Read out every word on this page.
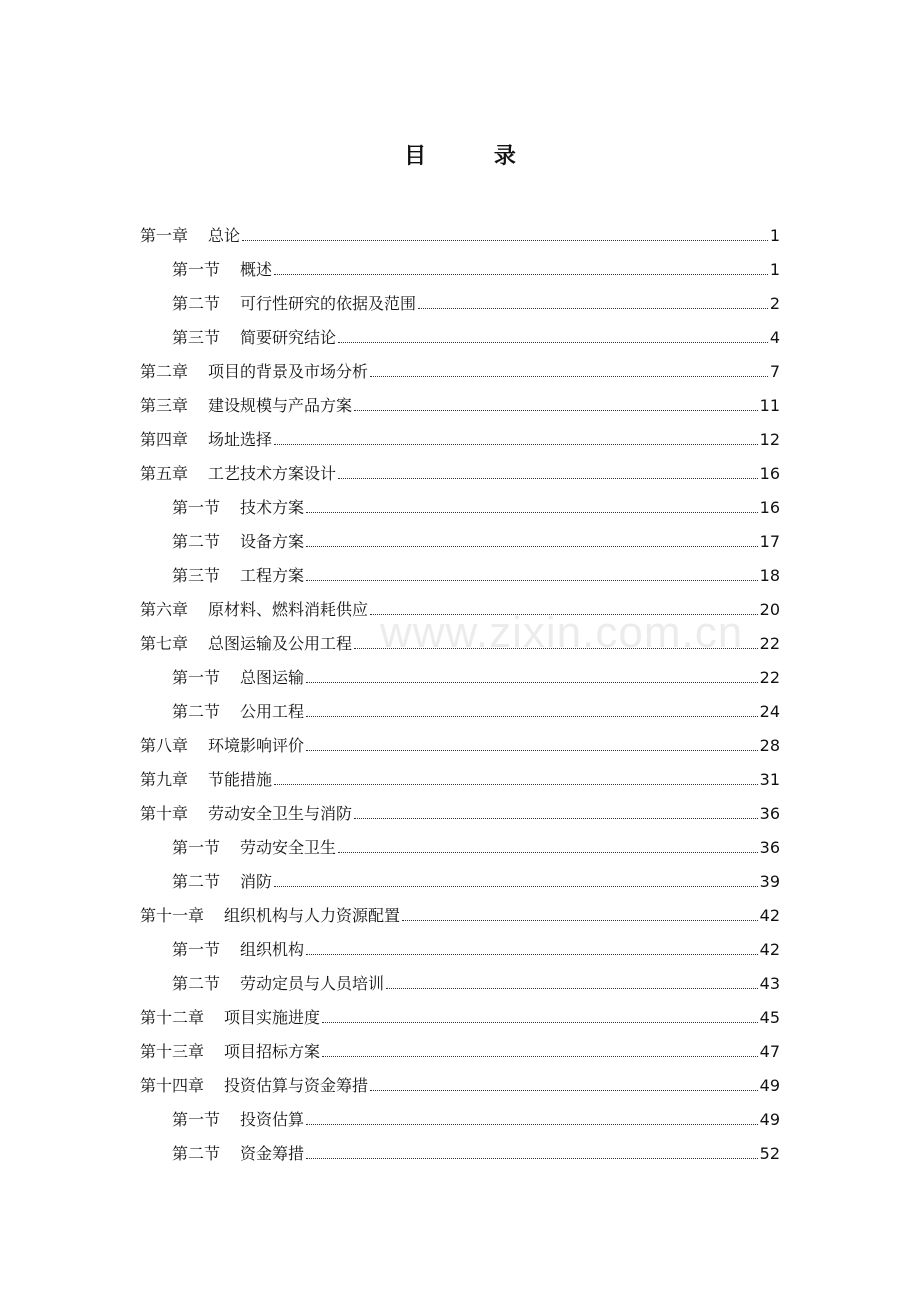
目 录
第一章 总论	1
第一节 概述	1
第二节 可行性研究的依据及范围	2
第三节 简要研究结论	4
第二章 项目的背景及市场分析	7
第三章 建设规模与产品方案	11
第四章 场址选择	12
第五章 工艺技术方案设计	16
第一节 技术方案	16
第二节 设备方案	17
第三节 工程方案	18
第六章 原材料、燃料消耗供应	20
第七章 总图运输及公用工程	22
第一节 总图运输	22
第二节 公用工程	24
第八章 环境影响评价	28
第九章 节能措施	31
第十章 劳动安全卫生与消防	36
第一节 劳动安全卫生	36
第二节 消防	39
第十一章 组织机构与人力资源配置	42
第一节 组织机构	42
第二节 劳动定员与人员培训	43
第十二章 项目实施进度	45
第十三章 项目招标方案	47
第十四章 投资估算与资金筹措	49
第一节 投资估算	49
第二节 资金筹措	52
www.zixin.com.cn
